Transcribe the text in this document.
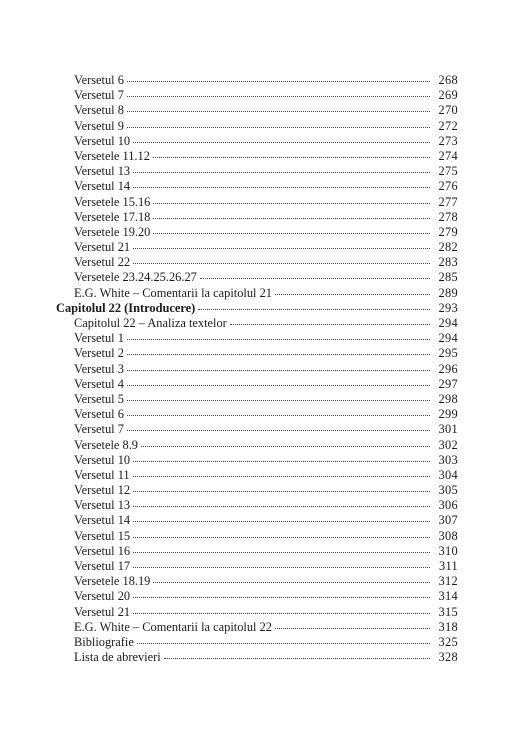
Versetul 6	268
Versetul 7	269
Versetul 8	270
Versetul 9	272
Versetul 10	273
Versetele 11.12	274
Versetul 13	275
Versetul 14	276
Versetele 15.16	277
Versetele 17.18	278
Versetele 19.20	279
Versetul 21	282
Versetul 22	283
Versetele 23.24.25.26.27	285
E.G. White – Comentarii la capitolul 21	289
Capitolul 22 (Introducere)	293
Capitolul 22 – Analiza textelor	294
Versetul 1	294
Versetul 2	295
Versetul 3	296
Versetul 4	297
Versetul 5	298
Versetul 6	299
Versetul 7	301
Versetele 8.9	302
Versetul 10	303
Versetul 11	304
Versetul 12	305
Versetul 13	306
Versetul 14	307
Versetul 15	308
Versetul 16	310
Versetul 17	311
Versetele 18.19	312
Versetul 20	314
Versetul 21	315
E.G. White – Comentarii la capitolul 22	318
Bibliografie	325
Lista de abrevieri	328
